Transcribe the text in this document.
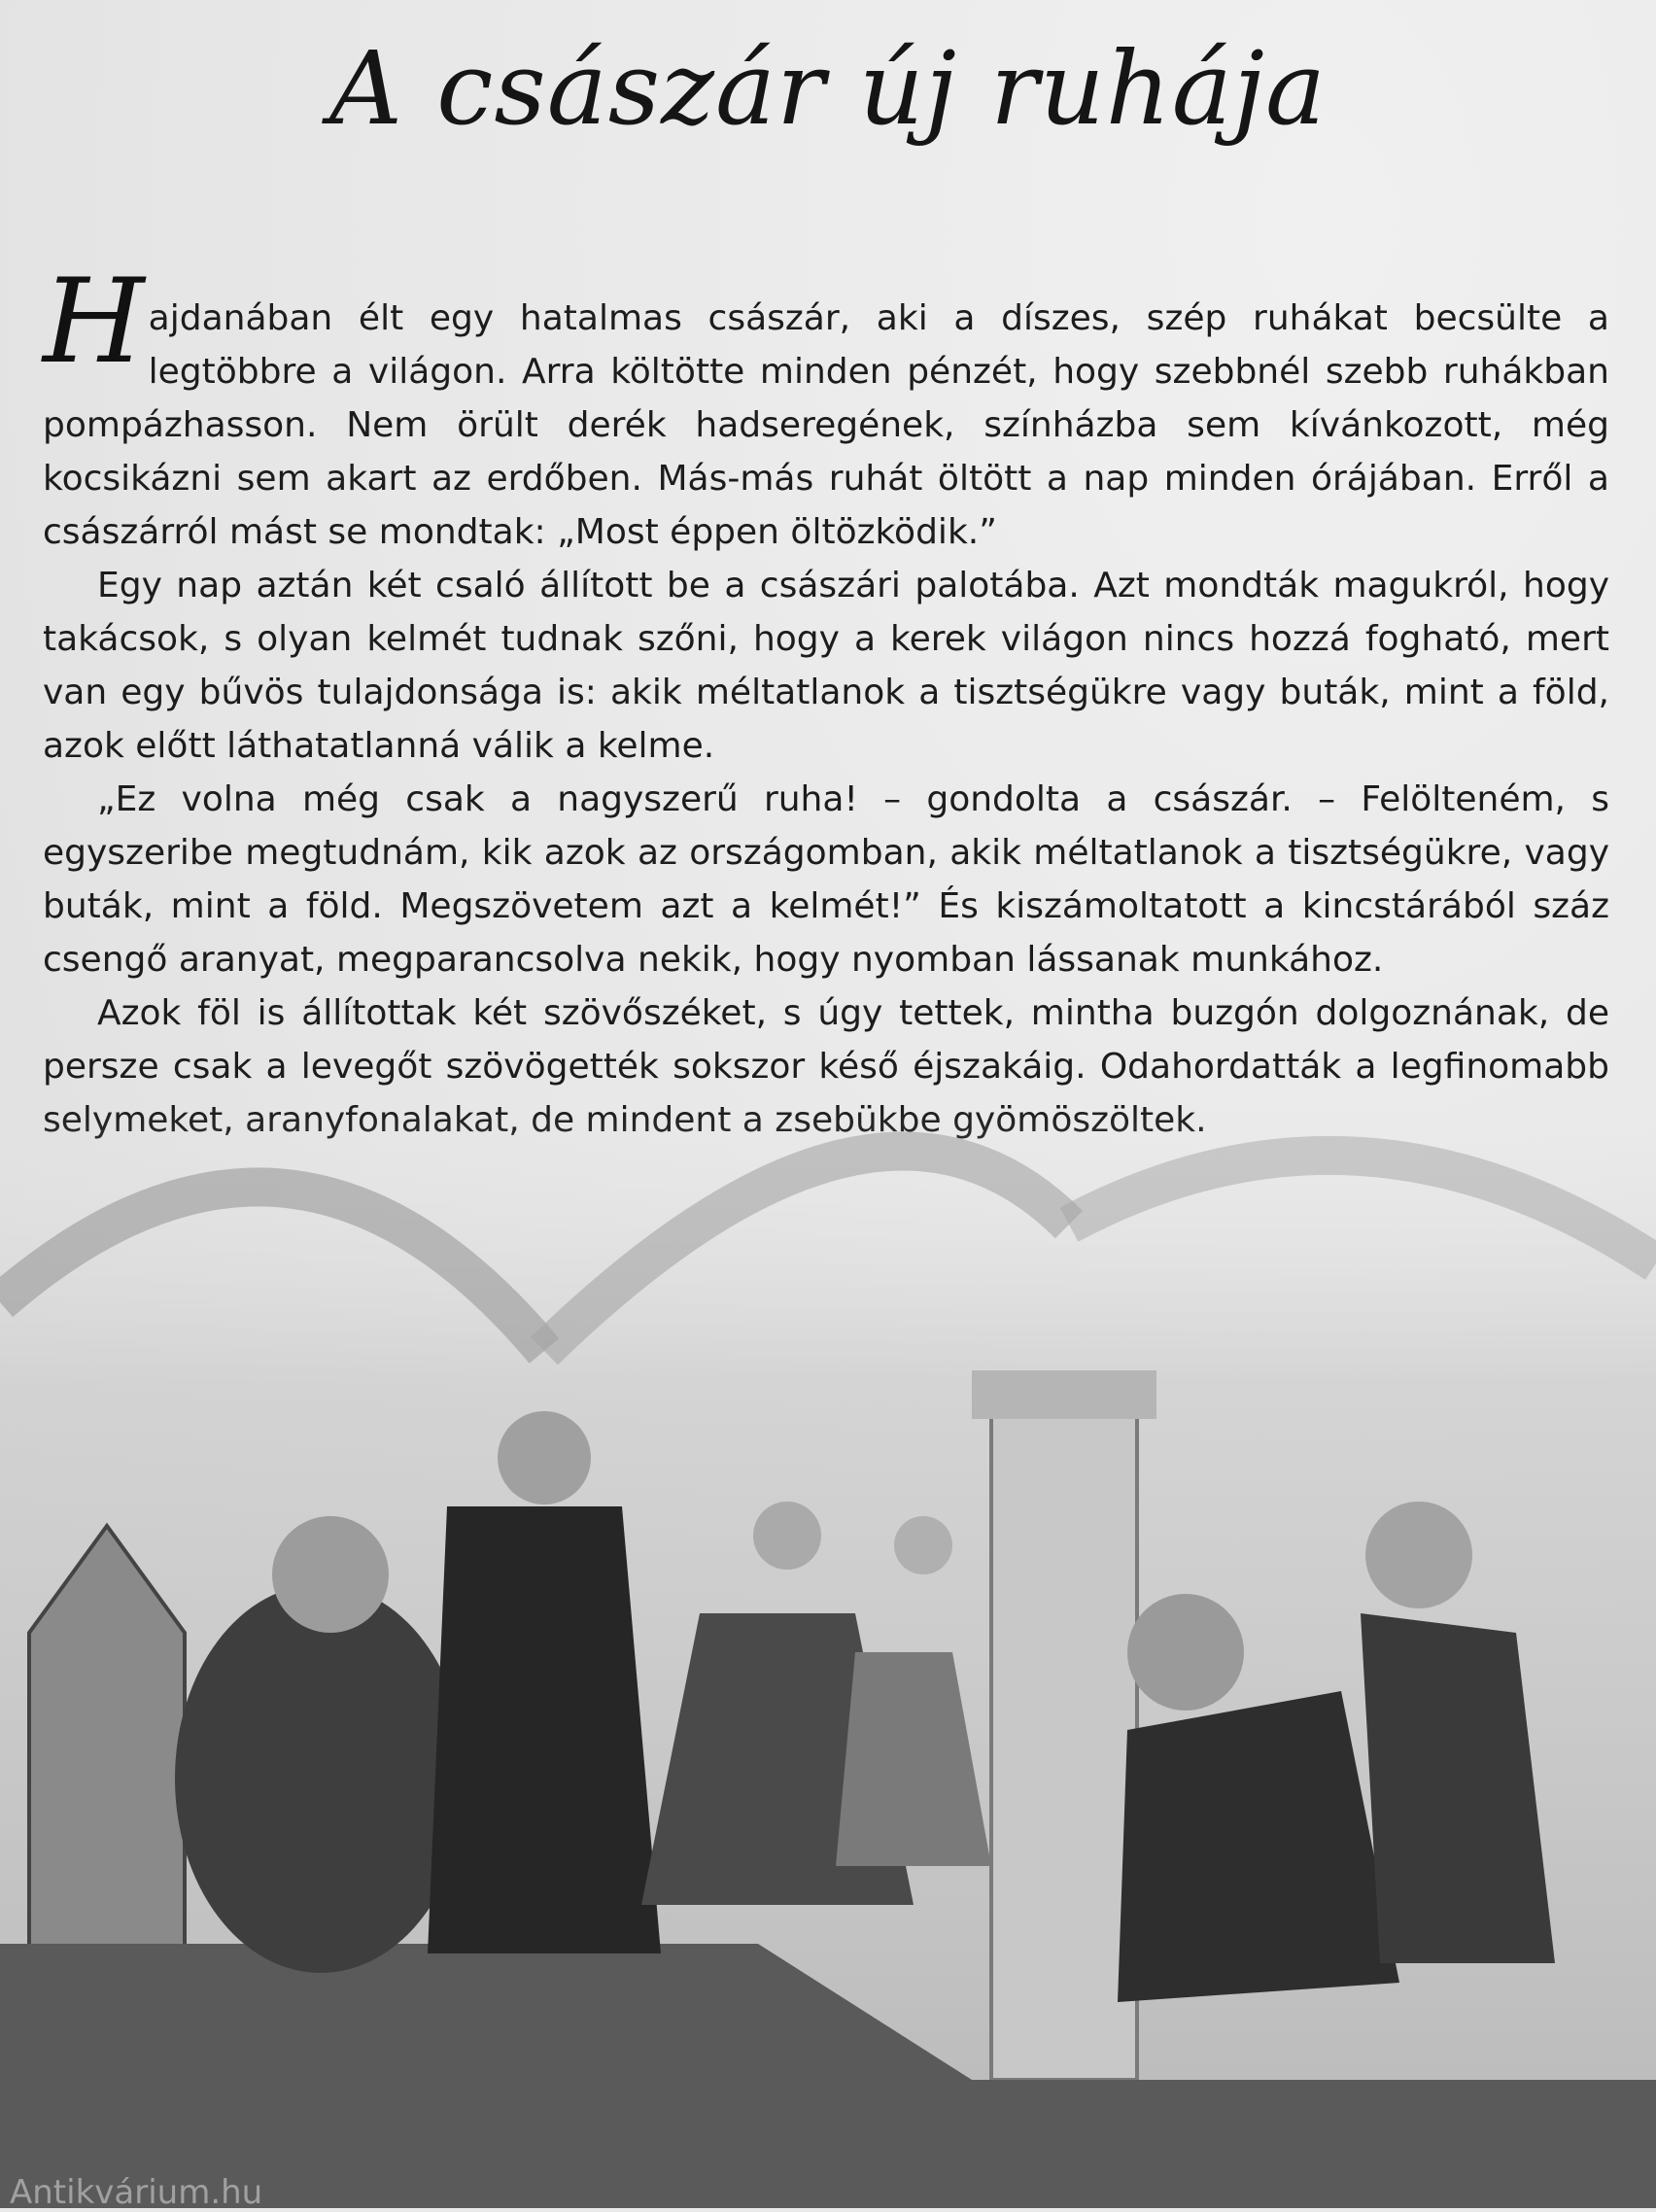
A császár új ruhája

Hajdanában élt egy hatalmas császár, aki a díszes, szép ruhákat becsülte a legtöbbre a világon. Arra költötte minden pénzét, hogy szebbnél szebb ruhákban pompázhasson. Nem örült derék hadseregének, színházba sem kívánkozott, még kocsikázni sem akart az erdőben. Más-más ruhát öltött a nap minden órájában. Erről a császárról mást se mondtak: „Most éppen öltözködik.”

Egy nap aztán két csaló állított be a császári palotába. Azt mondták magukról, hogy takácsok, s olyan kelmét tudnak szőni, hogy a kerek világon nincs hozzá fogható, mert van egy bűvös tulajdonsága is: akik méltatlanok a tisztségükre vagy buták, mint a föld, azok előtt láthatatlanná válik a kelme.

„Ez volna még csak a nagyszerű ruha! – gondolta a császár. – Felölteném, s egyszeribe megtudnám, kik azok az országomban, akik méltatlanok a tisztségükre, vagy buták, mint a föld. Megszövetem azt a kelmét!” És kiszámoltatott a kincstárából száz csengő aranyat, megparancsolva nekik, hogy nyomban lássanak munkához.

Azok föl is állítottak két szövőszéket, s úgy tettek, mintha buzgón dolgoznának, de persze csak a levegőt szövögették sokszor késő éjszakáig. Odahordatták a legfinomabb

Antikvárium.hu
